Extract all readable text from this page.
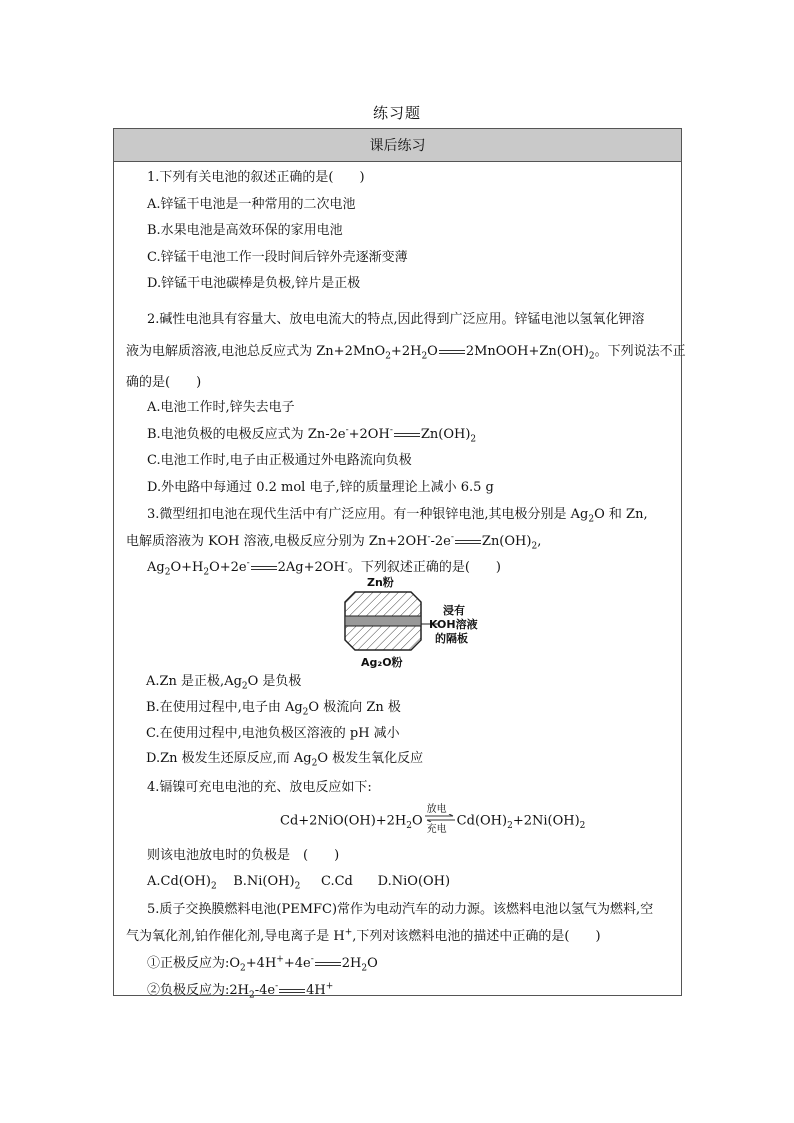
练习题
课后练习
1.下列有关电池的叙述正确的是(　　)
A.锌锰干电池是一种常用的二次电池
B.水果电池是高效环保的家用电池
C.锌锰干电池工作一段时间后锌外壳逐渐变薄
D.锌锰干电池碳棒是负极,锌片是正极
2.碱性电池具有容量大、放电电流大的特点,因此得到广泛应用。锌锰电池以氢氧化钾溶
液为电解质溶液,电池总反应式为 $Zn+2MnO_2+2H_2O$ $2MnOOH+Zn(OH)_2$。下列说法不正
确的是(　　)
A.电池工作时,锌失去电子
B.电池负极的电极反应式为 Zn-2e-+2OH- $Zn(OH)_2$
C.电池工作时,电子由正极通过外电路流向负极
D.外电路中每通过 0.2 mol 电子,锌的质量理论上减小 6.5 g
3.微型纽扣电池在现代生活中有广泛应用。有一种银锌电池,其电极分别是 $Ag_2O$ 和 Zn,
电解质溶液为 KOH 溶液,电极反应分别为 Zn+2OH--2e- $Zn(OH)_2$,
$Ag_2O+H_2O+2e^-$ 2Ag+2OH-。下列叙述正确的是(　　)
4.镉镍可充电电池的充、放电反应如下:
$Cd+2NiO(OH)+2H_2O$
放电
充电
$Cd(OH)_2+2Ni(OH)_2$
则该电池放电时的负极是　(　　)
$A.Cd(OH)_2$ $B.Ni(OH)_2$ C.Cd D.NiO(OH)
5.质子交换膜燃料电池(PEMFC)常作为电动汽车的动力源。该燃料电池以氢气为燃料,空
气为氧化剂,铂作催化剂,导电离子是 H+,下列对该燃料电池的描述中正确的是(　　)
①正极反应为$:O_2+4H^++4e^-$ $2H_2O$
②负极反应为$:2H_2-4e^-$ 4H+
Zn粉
Ag₂O粉
浸有
KOH溶液
的隔板
A.Zn 是正极$,Ag_2O$ 是负极
B.在使用过程中,电子由 $Ag_2O$ 极流向 Zn 极
C.在使用过程中,电池负极区溶液的 pH 减小
D.Zn 极发生还原反应,而 $Ag_2O$ 极发生氧化反应
